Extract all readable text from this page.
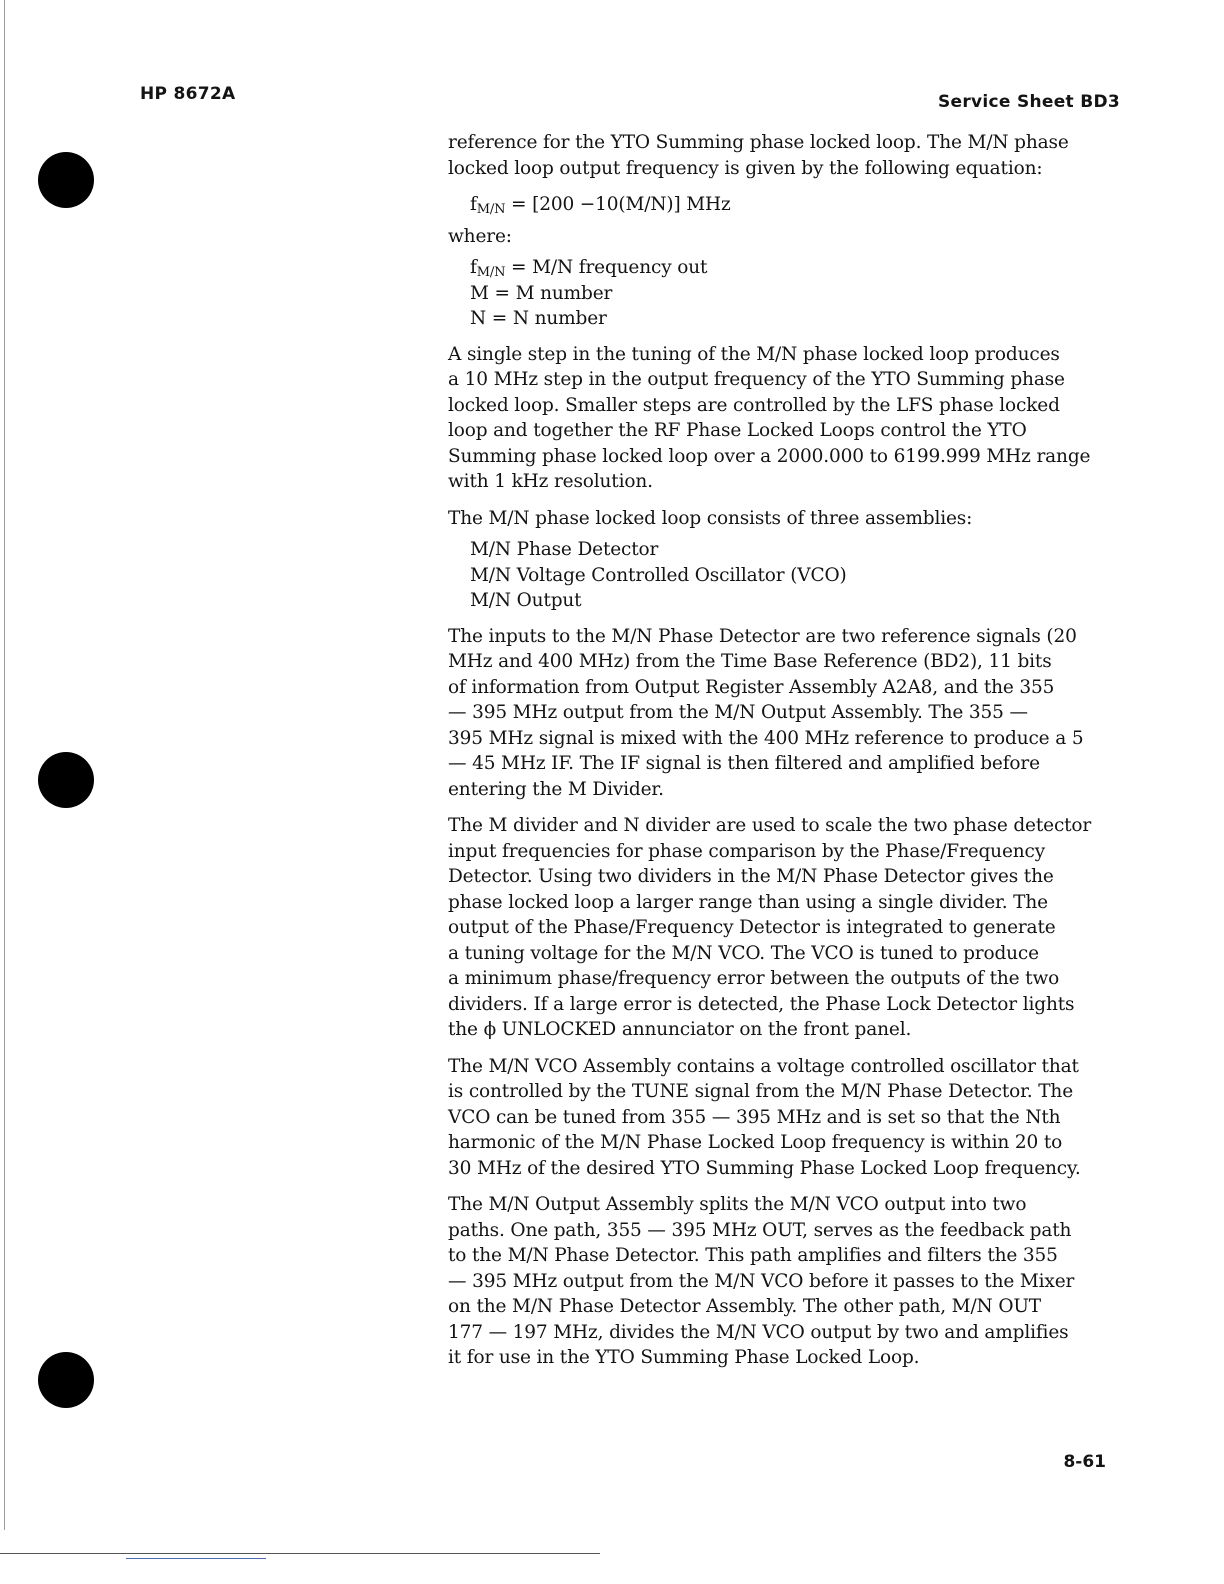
HP 8672A	Service Sheet BD3

reference for the YTO Summing phase locked loop. The M/N phase
locked loop output frequency is given by the following equation:

$f_{M/N} = [200 -10(M/N)]$ MHz
where:
$f_{M/N} = M/N$ frequency out
M = M number
N = N number

A single step in the tuning of the M/N phase locked loop produces
a 10 MHz step in the output frequency of the YTO Summing phase
locked loop. Smaller steps are controlled by the LFS phase locked
loop and together the RF Phase Locked Loops control the YTO
Summing phase locked loop over a 2000.000 to 6199.999 MHz range
with 1 kHz resolution.

The M/N phase locked loop consists of three assemblies:

M/N Phase Detector
M/N Voltage Controlled Oscillator (VCO)
M/N Output

The inputs to the M/N Phase Detector are two reference signals (20
MHz and 400 MHz) from the Time Base Reference (BD2), 11 bits
of information from Output Register Assembly A2A8, and the 355
— 395 MHz output from the M/N Output Assembly. The 355 —
395 MHz signal is mixed with the 400 MHz reference to produce a 5
— 45 MHz IF. The IF signal is then filtered and amplified before
entering the M Divider.

The M divider and N divider are used to scale the two phase detector
input frequencies for phase comparison by the Phase/Frequency
Detector. Using two dividers in the M/N Phase Detector gives the
phase locked loop a larger range than using a single divider. The
output of the Phase/Frequency Detector is integrated to generate
a tuning voltage for the M/N VCO. The VCO is tuned to produce
a minimum phase/frequency error between the outputs of the two
dividers. If a large error is detected, the Phase Lock Detector lights
the ϕ UNLOCKED annunciator on the front panel.

The M/N VCO Assembly contains a voltage controlled oscillator that
is controlled by the TUNE signal from the M/N Phase Detector. The
VCO can be tuned from 355 — 395 MHz and is set so that the Nth
harmonic of the M/N Phase Locked Loop frequency is within 20 to
30 MHz of the desired YTO Summing Phase Locked Loop frequency.

The M/N Output Assembly splits the M/N VCO output into two
paths. One path, 355 — 395 MHz OUT, serves as the feedback path
to the M/N Phase Detector. This path amplifies and filters the 355
— 395 MHz output from the M/N VCO before it passes to the Mixer
on the M/N Phase Detector Assembly. The other path, M/N OUT
177 — 197 MHz, divides the M/N VCO output by two and amplifies
it for use in the YTO Summing Phase Locked Loop.

8-61
